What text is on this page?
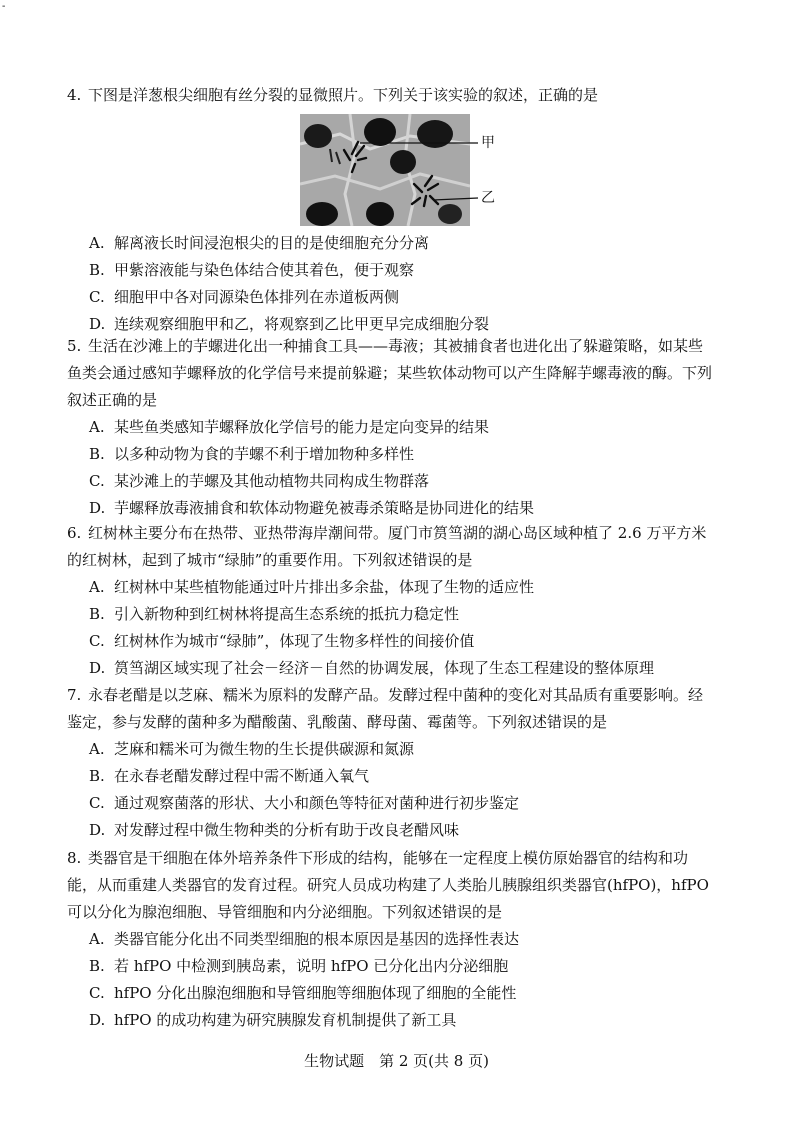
-

4. 下图是洋葱根尖细胞有丝分裂的显微照片。下列关于该实验的叙述，正确的是

甲
乙

A. 解离液长时间浸泡根尖的目的是使细胞充分分离

B. 甲紫溶液能与染色体结合使其着色，便于观察

C. 细胞甲中各对同源染色体排列在赤道板两侧

D. 连续观察细胞甲和乙，将观察到乙比甲更早完成细胞分裂

5. 生活在沙滩上的芋螺进化出一种捕食工具——毒液；其被捕食者也进化出了躲避策略，如某些鱼类会通过感知芋螺释放的化学信号来提前躲避；某些软体动物可以产生降解芋螺毒液的酶。下列叙述正确的是

A. 某些鱼类感知芋螺释放化学信号的能力是定向变异的结果

B. 以多种动物为食的芋螺不利于增加物种多样性

C. 某沙滩上的芋螺及其他动植物共同构成生物群落

D. 芋螺释放毒液捕食和软体动物避免被毒杀策略是协同进化的结果

6. 红树林主要分布在热带、亚热带海岸潮间带。厦门市筼筜湖的湖心岛区域种植了 2.6 万平方米的红树林，起到了城市“绿肺”的重要作用。下列叙述错误的是

A. 红树林中某些植物能通过叶片排出多余盐，体现了生物的适应性

B. 引入新物种到红树林将提高生态系统的抵抗力稳定性

C. 红树林作为城市“绿肺”，体现了生物多样性的间接价值

D. 筼筜湖区域实现了社会－经济－自然的协调发展，体现了生态工程建设的整体原理

7. 永春老醋是以芝麻、糯米为原料的发酵产品。发酵过程中菌种的变化对其品质有重要影响。经鉴定，参与发酵的菌种多为醋酸菌、乳酸菌、酵母菌、霉菌等。下列叙述错误的是

A. 芝麻和糯米可为微生物的生长提供碳源和氮源

B. 在永春老醋发酵过程中需不断通入氧气

C. 通过观察菌落的形状、大小和颜色等特征对菌种进行初步鉴定

D. 对发酵过程中微生物种类的分析有助于改良老醋风味

8. 类器官是干细胞在体外培养条件下形成的结构，能够在一定程度上模仿原始器官的结构和功能，从而重建人类器官的发育过程。研究人员成功构建了人类胎儿胰腺组织类器官(hfPO)，hfPO 可以分化为腺泡细胞、导管细胞和内分泌细胞。下列叙述错误的是

A. 类器官能分化出不同类型细胞的根本原因是基因的选择性表达

B. 若 hfPO 中检测到胰岛素，说明 hfPO 已分化出内分泌细胞

C. hfPO 分化出腺泡细胞和导管细胞等细胞体现了细胞的全能性

D. hfPO 的成功构建为研究胰腺发育机制提供了新工具

生物试题　第 2 页(共 8 页)
